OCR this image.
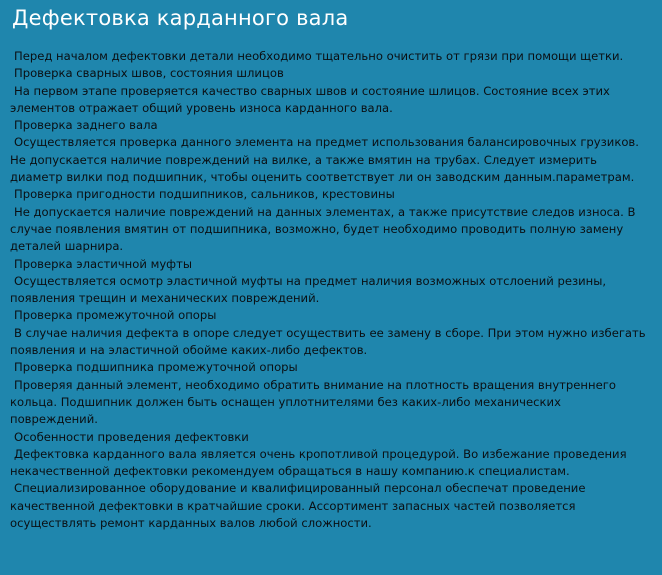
Дефектовка карданного вала

Перед началом дефектовки детали необходимо тщательно очистить от грязи при помощи щетки.

Проверка сварных швов, состояния шлицов

На первом этапе проверяется качество сварных швов и состояние шлицов. Состояние всех этих элементов отражает общий уровень износа карданного вала.

Проверка заднего вала

Осуществляется проверка данного элемента на предмет использования балансировочных грузиков. Не допускается наличие повреждений на вилке, а также вмятин на трубах. Следует измерить диаметр вилки под подшипник, чтобы оценить соответствует ли он заводским данным.параметрам.

Проверка пригодности подшипников, сальников, крестовины

Не допускается наличие повреждений на данных элементах, а также присутствие следов износа. В случае появления вмятин от подшипника, возможно, будет необходимо проводить полную замену деталей шарнира.

Проверка эластичной муфты

Осуществляется осмотр эластичной муфты на предмет наличия возможных отслоений резины, появления трещин и механических повреждений.

Проверка промежуточной опоры

В случае наличия дефекта в опоре следует осуществить ее замену в сборе. При этом нужно избегать появления и на эластичной обойме каких-либо дефектов.

Проверка подшипника промежуточной опоры

Проверяя данный элемент, необходимо обратить внимание на плотность вращения внутреннего кольца. Подшипник должен быть оснащен уплотнителями без каких-либо механических повреждений.

Особенности проведения дефектовки

Дефектовка карданного вала является очень кропотливой процедурой. Во избежание проведения некачественной дефектовки рекомендуем обращаться в нашу компанию.к специалистам.

Специализированное оборудование и квалифицированный персонал обеспечат проведение качественной дефектовки в кратчайшие сроки. Ассортимент запасных частей позволяется осуществлять ремонт карданных валов любой сложности.
